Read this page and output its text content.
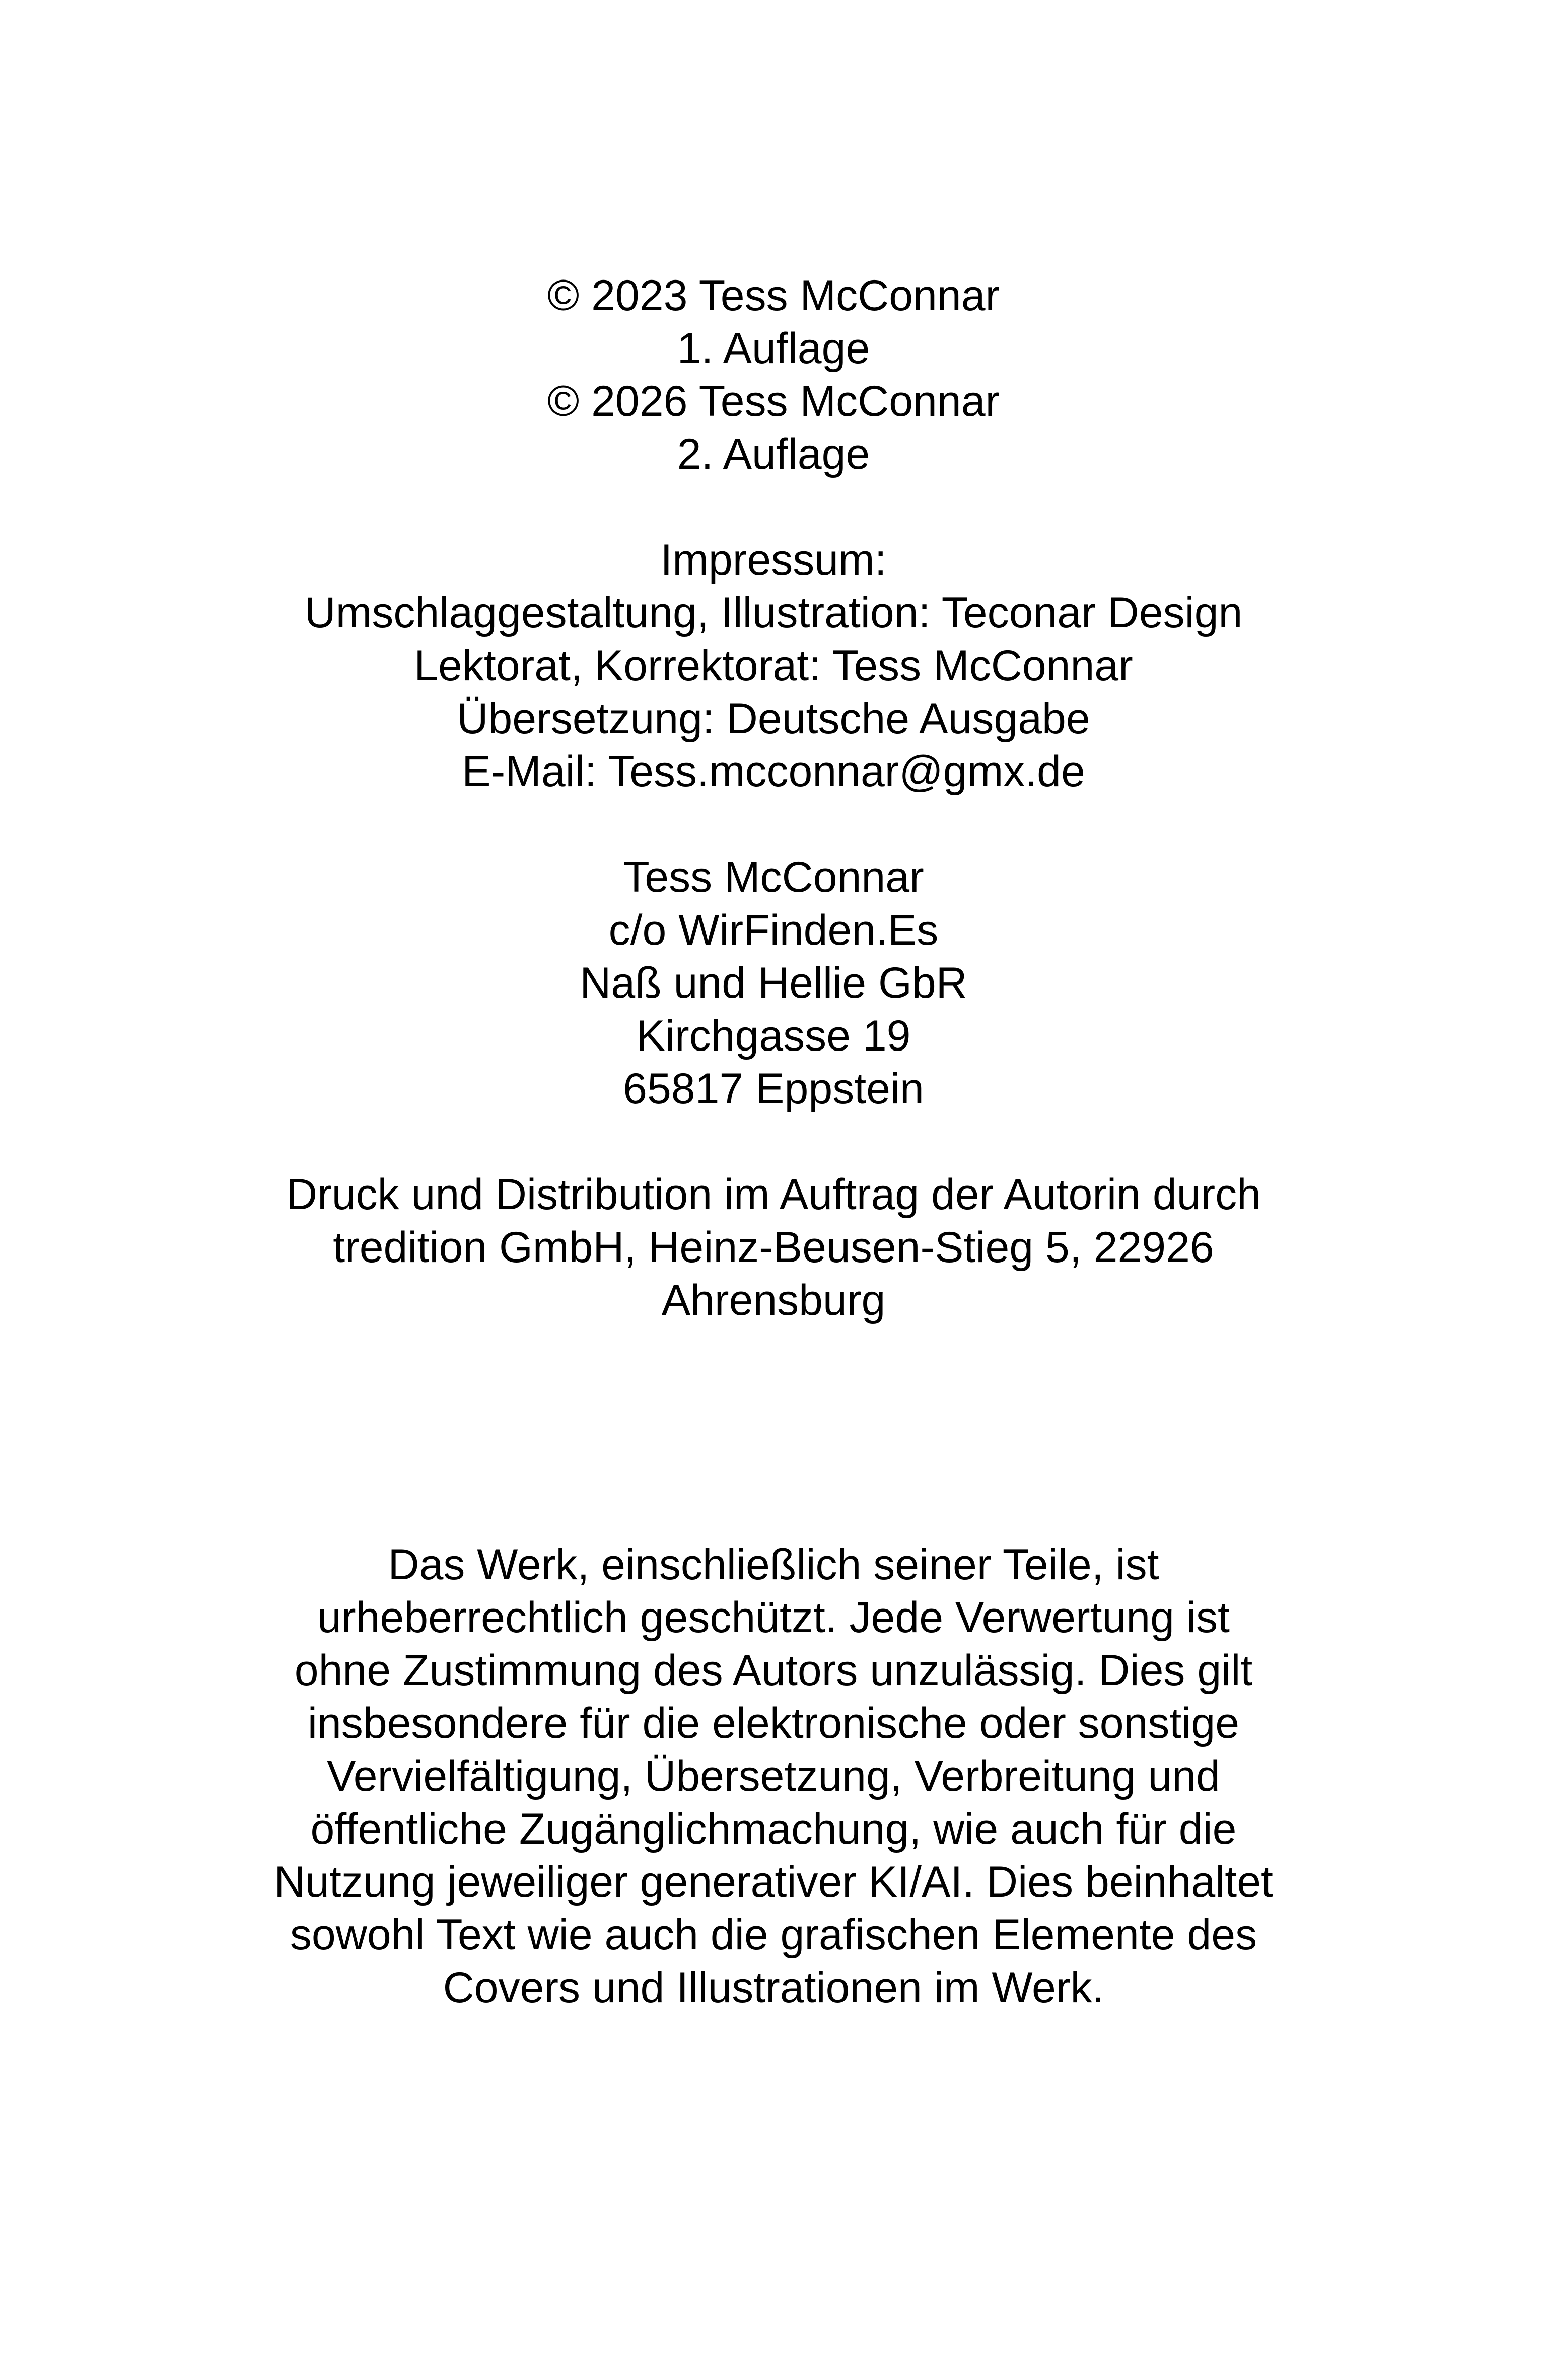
© 2023 Tess McConnar
1. Auflage
© 2026 Tess McConnar
2. Auflage
Impressum:
Umschlaggestaltung, Illustration: Teconar Design
Lektorat, Korrektorat: Tess McConnar
Übersetzung: Deutsche Ausgabe
E-Mail: Tess.mcconnar@gmx.de
Tess McConnar
c/o WirFinden.Es
Naß und Hellie GbR
Kirchgasse 19
65817 Eppstein
Druck und Distribution im Auftrag der Autorin durch
tredition GmbH, Heinz-Beusen-Stieg 5, 22926
Ahrensburg
Das Werk, einschließlich seiner Teile, ist
urheberrechtlich geschützt. Jede Verwertung ist
ohne Zustimmung des Autors unzulässig. Dies gilt
insbesondere für die elektronische oder sonstige
Vervielfältigung, Übersetzung, Verbreitung und
öffentliche Zugänglichmachung, wie auch für die
Nutzung jeweiliger generativer KI/AI. Dies beinhaltet
sowohl Text wie auch die grafischen Elemente des
Covers und Illustrationen im Werk.
